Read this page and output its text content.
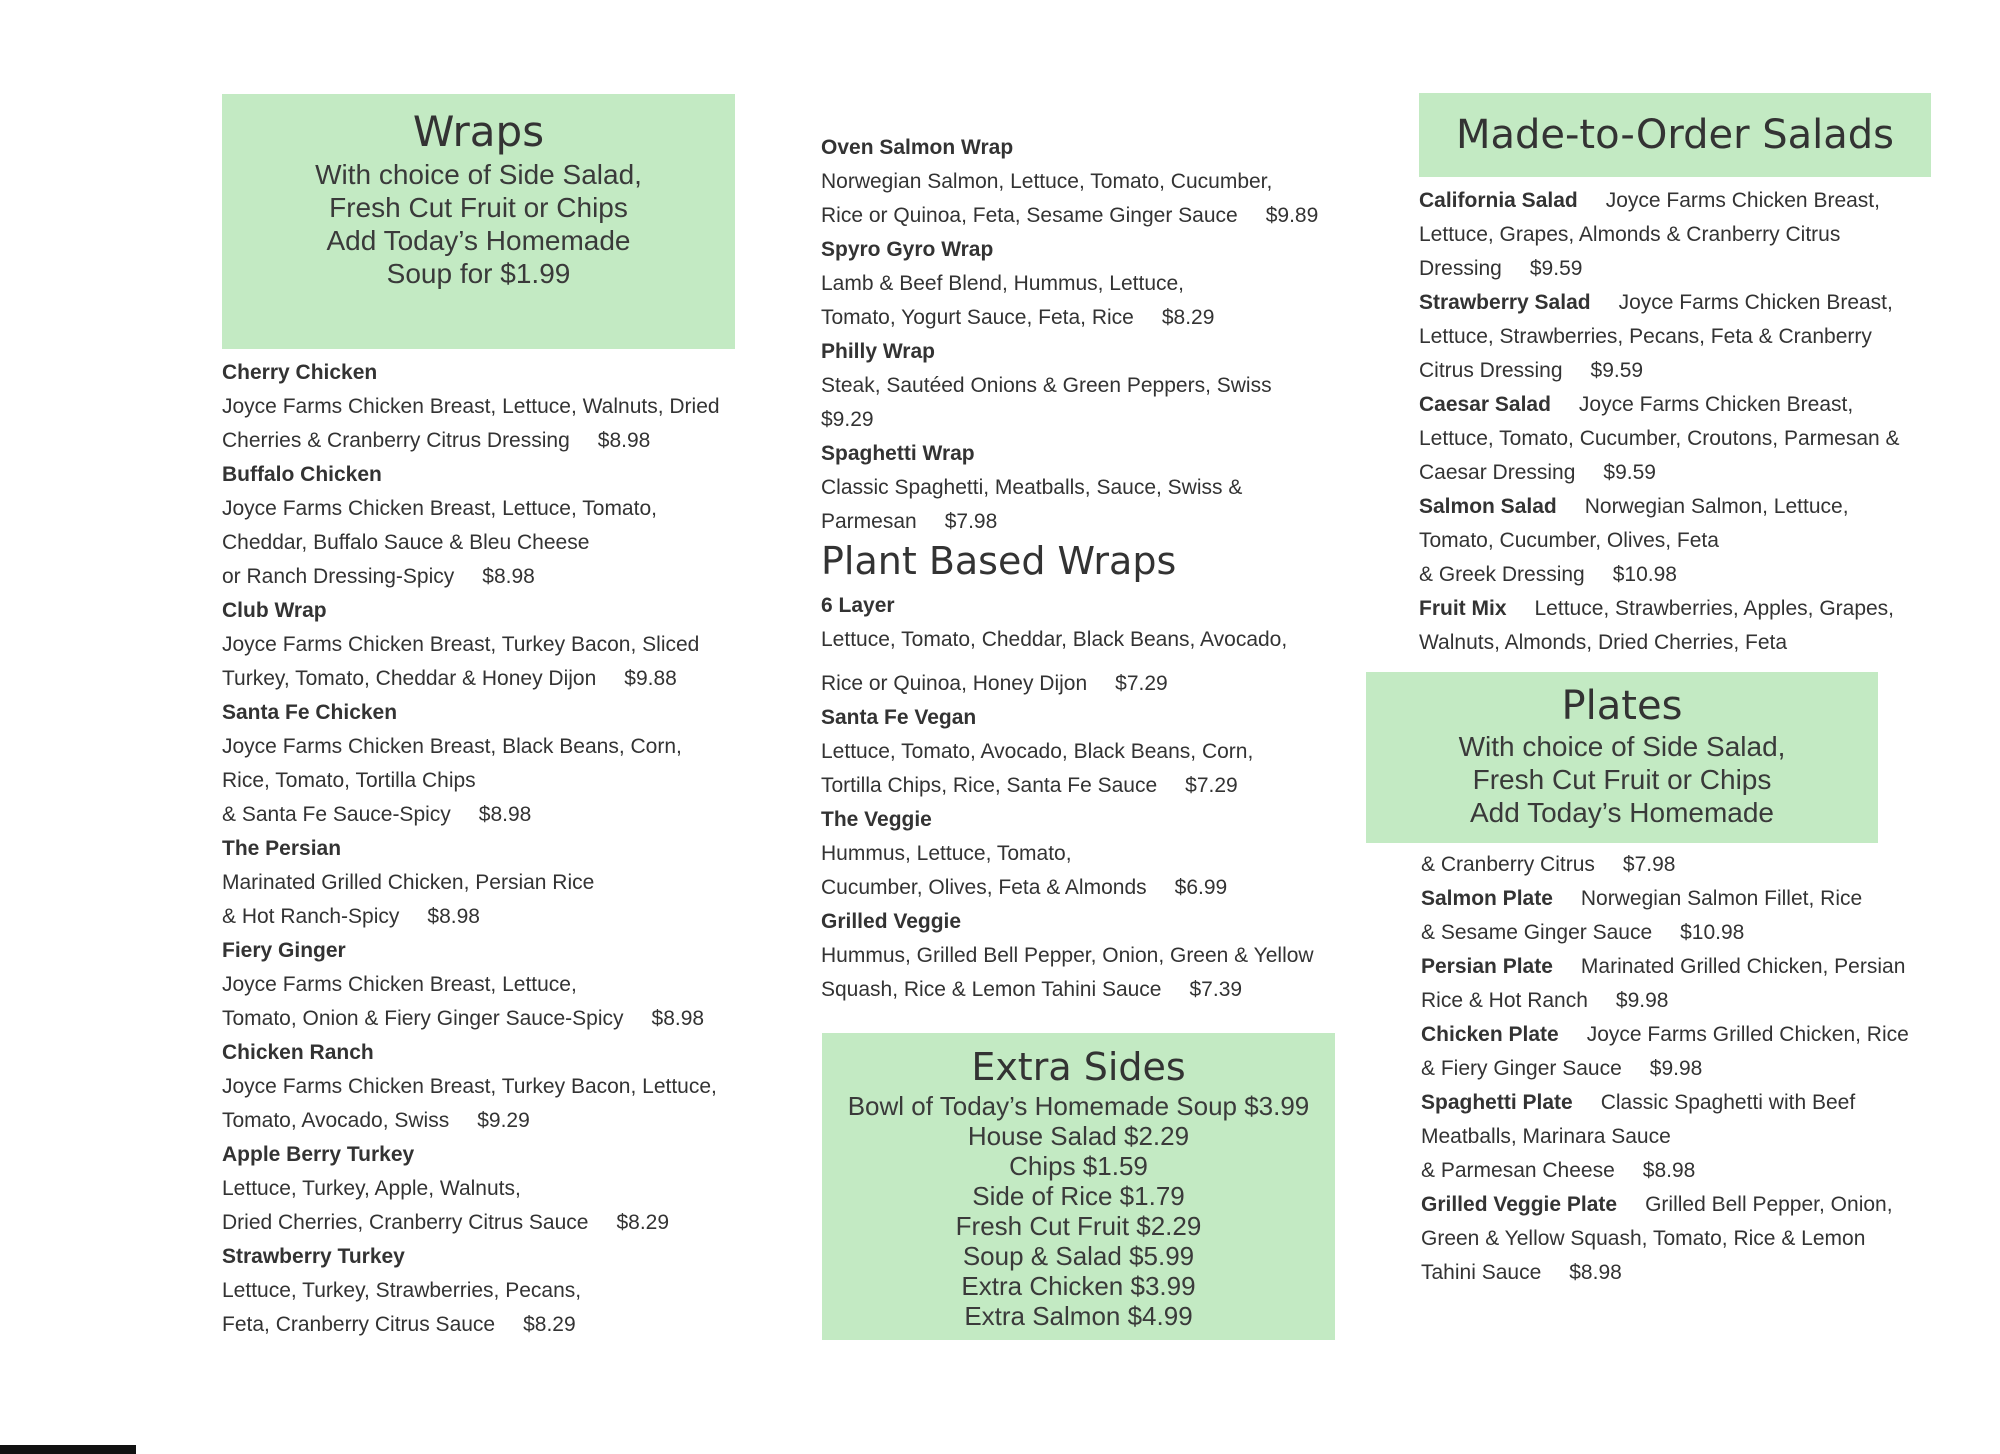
Wraps
With choice of Side Salad,
Fresh Cut Fruit or Chips
Add Today’s Homemade
Soup for $1.99
Cherry Chicken
Joyce Farms Chicken Breast, Lettuce, Walnuts, Dried
Cherries & Cranberry Citrus Dressing $8.98
Buffalo Chicken
Joyce Farms Chicken Breast, Lettuce, Tomato,
Cheddar, Buffalo Sauce & Bleu Cheese
or Ranch Dressing-Spicy $8.98
Club Wrap
Joyce Farms Chicken Breast, Turkey Bacon, Sliced
Turkey, Tomato, Cheddar & Honey Dijon $9.88
Santa Fe Chicken
Joyce Farms Chicken Breast, Black Beans, Corn,
Rice, Tomato, Tortilla Chips
& Santa Fe Sauce-Spicy $8.98
The Persian
Marinated Grilled Chicken, Persian Rice
& Hot Ranch-Spicy $8.98
Fiery Ginger
Joyce Farms Chicken Breast, Lettuce,
Tomato, Onion & Fiery Ginger Sauce-Spicy $8.98
Chicken Ranch
Joyce Farms Chicken Breast, Turkey Bacon, Lettuce,
Tomato, Avocado, Swiss $9.29
Apple Berry Turkey
Lettuce, Turkey, Apple, Walnuts,
Dried Cherries, Cranberry Citrus Sauce $8.29
Strawberry Turkey
Lettuce, Turkey, Strawberries, Pecans,
Feta, Cranberry Citrus Sauce $8.29
Oven Salmon Wrap
Norwegian Salmon, Lettuce, Tomato, Cucumber,
Rice or Quinoa, Feta, Sesame Ginger Sauce $9.89
Spyro Gyro Wrap
Lamb & Beef Blend, Hummus, Lettuce,
Tomato, Yogurt Sauce, Feta, Rice $8.29
Philly Wrap
Steak, Sautéed Onions & Green Peppers, Swiss
$9.29
Spaghetti Wrap
Classic Spaghetti, Meatballs, Sauce, Swiss &
Parmesan $7.98
Plant Based Wraps
6 Layer
Lettuce, Tomato, Cheddar, Black Beans, Avocado,
Rice or Quinoa, Honey Dijon $7.29
Santa Fe Vegan
Lettuce, Tomato, Avocado, Black Beans, Corn,
Tortilla Chips, Rice, Santa Fe Sauce $7.29
The Veggie
Hummus, Lettuce, Tomato,
Cucumber, Olives, Feta & Almonds $6.99
Grilled Veggie
Hummus, Grilled Bell Pepper, Onion, Green & Yellow
Squash, Rice & Lemon Tahini Sauce $7.39
Extra Sides
Bowl of Today’s Homemade Soup $3.99
House Salad $2.29
Chips $1.59
Side of Rice $1.79
Fresh Cut Fruit $2.29
Soup & Salad $5.99
Extra Chicken $3.99
Extra Salmon $4.99
Made-to-Order Salads
California Salad Joyce Farms Chicken Breast,
Lettuce, Grapes, Almonds & Cranberry Citrus
Dressing $9.59
Strawberry Salad Joyce Farms Chicken Breast,
Lettuce, Strawberries, Pecans, Feta & Cranberry
Citrus Dressing $9.59
Caesar Salad Joyce Farms Chicken Breast,
Lettuce, Tomato, Cucumber, Croutons, Parmesan &
Caesar Dressing $9.59
Salmon Salad Norwegian Salmon, Lettuce,
Tomato, Cucumber, Olives, Feta
& Greek Dressing $10.98
Fruit Mix Lettuce, Strawberries, Apples, Grapes,
Walnuts, Almonds, Dried Cherries, Feta
Plates
With choice of Side Salad,
Fresh Cut Fruit or Chips
Add Today’s Homemade
& Cranberry Citrus $7.98
Salmon Plate Norwegian Salmon Fillet, Rice
& Sesame Ginger Sauce $10.98
Persian Plate Marinated Grilled Chicken, Persian
Rice & Hot Ranch $9.98
Chicken Plate Joyce Farms Grilled Chicken, Rice
& Fiery Ginger Sauce $9.98
Spaghetti Plate Classic Spaghetti with Beef
Meatballs, Marinara Sauce
& Parmesan Cheese $8.98
Grilled Veggie Plate Grilled Bell Pepper, Onion,
Green & Yellow Squash, Tomato, Rice & Lemon
Tahini Sauce $8.98
